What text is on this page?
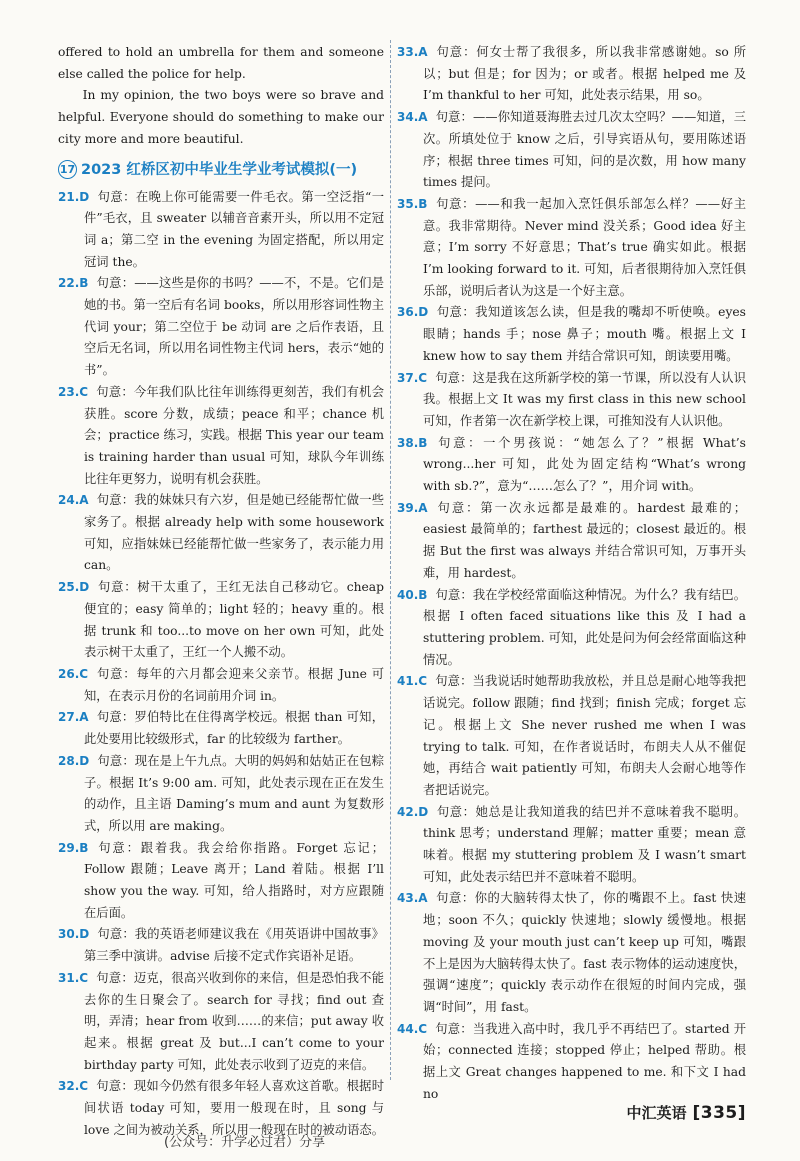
offered to hold an umbrella for them and someone else called the police for help.

In my opinion, the two boys were so brave and helpful. Everyone should do something to make our city more and more beautiful.

17 2023 红桥区初中毕业生学业考试模拟(一)

21.D 句意：在晚上你可能需要一件毛衣。第一空泛指“一件”毛衣，且 sweater 以辅音音素开头，所以用不定冠词 a；第二空 in the evening 为固定搭配，所以用定冠词 the。

22.B 句意：——这些是你的书吗？——不，不是。它们是她的书。第一空后有名词 books，所以用形容词性物主代词 your；第二空位于 be 动词 are 之后作表语，且空后无名词，所以用名词性物主代词 hers，表示“她的书”。

23.C 句意：今年我们队比往年训练得更刻苦，我们有机会获胜。score 分数，成绩；peace 和平；chance 机会；practice 练习，实践。根据 This year our team is training harder than usual 可知，球队今年训练比往年更努力，说明有机会获胜。

24.A 句意：我的妹妹只有六岁，但是她已经能帮忙做一些家务了。根据 already help with some housework 可知，应指妹妹已经能帮忙做一些家务了，表示能力用 can。

25.D 句意：树干太重了，王红无法自己移动它。cheap 便宜的；easy 简单的；light 轻的；heavy 重的。根据 trunk 和 too...to move on her own 可知，此处表示树干太重了，王红一个人搬不动。

26.C 句意：每年的六月都会迎来父亲节。根据 June 可知，在表示月份的名词前用介词 in。

27.A 句意：罗伯特比在住得离学校远。根据 than 可知，此处要用比较级形式，far 的比较级为 farther。

28.D 句意：现在是上午九点。大明的妈妈和姑姑正在包粽子。根据 It’s 9:00 am. 可知，此处表示现在正在发生的动作，且主语 Daming’s mum and aunt 为复数形式，所以用 are making。

29.B 句意：跟着我。我会给你指路。Forget 忘记；Follow 跟随；Leave 离开；Land 着陆。根据 I’ll show you the way. 可知，给人指路时，对方应跟随在后面。

30.D 句意：我的英语老师建议我在《用英语讲中国故事》第三季中演讲。advise 后接不定式作宾语补足语。

31.C 句意：迈克，很高兴收到你的来信，但是恐怕我不能去你的生日聚会了。search for 寻找；find out 查明，弄清；hear from 收到……的来信；put away 收起来。根据 great 及 but...I can’t come to your birthday party 可知，此处表示收到了迈克的来信。

32.C 句意：现如今仍然有很多年轻人喜欢这首歌。根据时间状语 today 可知，要用一般现在时，且 song 与 love 之间为被动关系，所以用一般现在时的被动语态。

33.A 句意：何女士帮了我很多，所以我非常感谢她。so 所以；but 但是；for 因为；or 或者。根据 helped me 及 I’m thankful to her 可知，此处表示结果，用 so。

34.A 句意：——你知道聂海胜去过几次太空吗？——知道，三次。所填处位于 know 之后，引导宾语从句，要用陈述语序；根据 three times 可知，问的是次数，用 how many times 提问。

35.B 句意：——和我一起加入烹饪俱乐部怎么样？——好主意。我非常期待。Never mind 没关系；Good idea 好主意；I’m sorry 不好意思；That’s true 确实如此。根据 I’m looking forward to it. 可知，后者很期待加入烹饪俱乐部，说明后者认为这是一个好主意。

36.D 句意：我知道该怎么读，但是我的嘴却不听使唤。eyes 眼睛；hands 手；nose 鼻子；mouth 嘴。根据上文 I knew how to say them 并结合常识可知，朗读要用嘴。

37.C 句意：这是我在这所新学校的第一节课，所以没有人认识我。根据上文 It was my first class in this new school 可知，作者第一次在新学校上课，可推知没有人认识他。

38.B 句意：一个男孩说：“她怎么了？”根据 What’s wrong...her 可知，此处为固定结构“What’s wrong with sb.?”，意为“……怎么了？”，用介词 with。

39.A 句意：第一次永远都是最难的。hardest 最难的；easiest 最简单的；farthest 最远的；closest 最近的。根据 But the first was always 并结合常识可知，万事开头难，用 hardest。

40.B 句意：我在学校经常面临这种情况。为什么？我有结巴。根据 I often faced situations like this 及 I had a stuttering problem. 可知，此处是问为何会经常面临这种情况。

41.C 句意：当我说话时她帮助我放松，并且总是耐心地等我把话说完。follow 跟随；find 找到；finish 完成；forget 忘记。根据上文 She never rushed me when I was trying to talk. 可知，在作者说话时，布朗夫人从不催促她，再结合 wait patiently 可知，布朗夫人会耐心地等作者把话说完。

42.D 句意：她总是让我知道我的结巴并不意味着我不聪明。think 思考；understand 理解；matter 重要；mean 意味着。根据 my stuttering problem 及 I wasn’t smart 可知，此处表示结巴并不意味着不聪明。

43.A 句意：你的大脑转得太快了，你的嘴跟不上。fast 快速地；soon 不久；quickly 快速地；slowly 缓慢地。根据 moving 及 your mouth just can’t keep up 可知，嘴跟不上是因为大脑转得太快了。fast 表示物体的运动速度快，强调“速度”；quickly 表示动作在很短的时间内完成，强调“时间”，用 fast。

44.C 句意：当我进入高中时，我几乎不再结巴了。started 开始；connected 连接；stopped 停止；helped 帮助。根据上文 Great changes happened to me. 和下文 I had no

中汇英语 [335]
(公众号：升学必过君）分享
